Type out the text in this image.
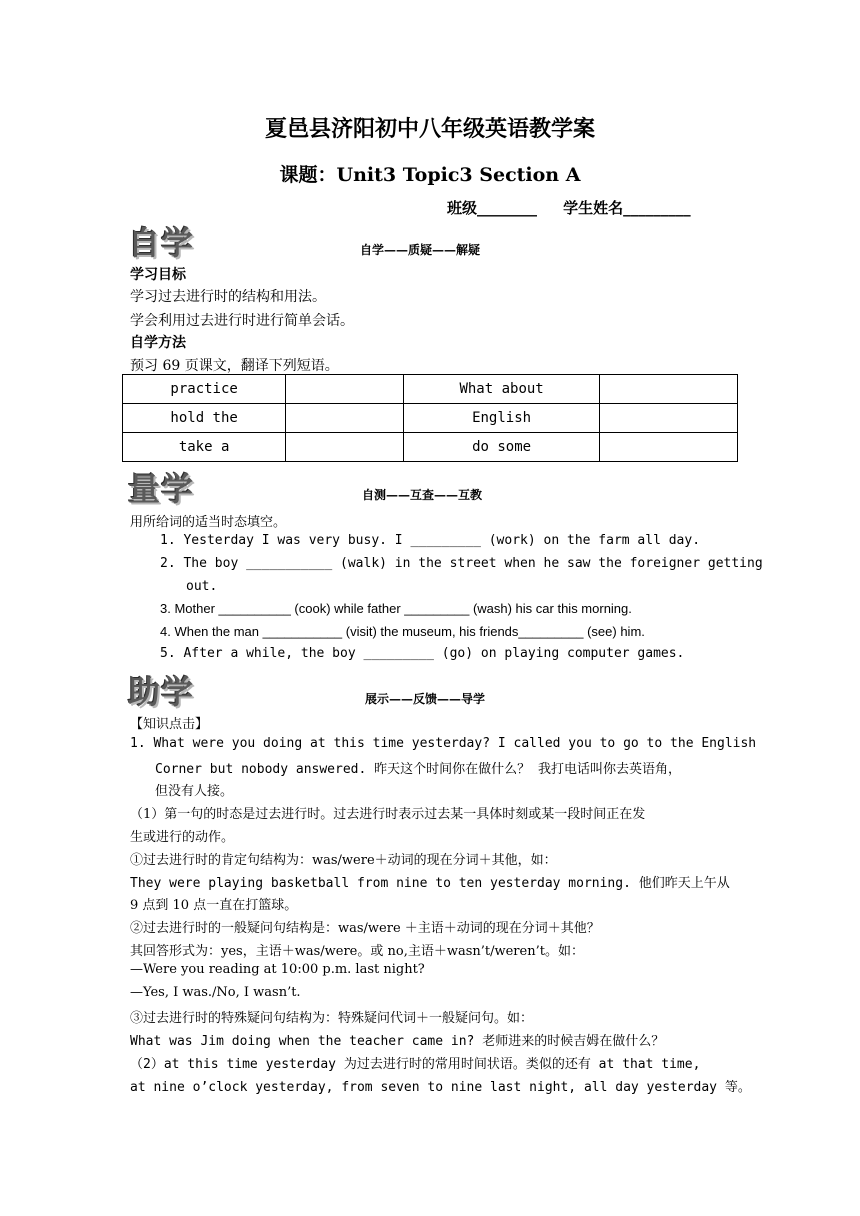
夏邑县济阳初中八年级英语教学案
课题：Unit3 Topic3 Section A
班级________ 学生姓名_________
自学	自学——质疑——解疑
学习目标
学习过去进行时的结构和用法。
学会利用过去进行时进行简单会话。
自学方法
预习 69 页课文，翻译下列短语。
practice		What about	
hold the		English	
take a		do some	
量学	自测——互查——互教
用所给词的适当时态填空。
1. Yesterday I was very busy. I _________ (work) on the farm all day.
2. The boy ___________ (walk) in the street when he saw the foreigner getting
out.
3. Mother __________ (cook) while father _________ (wash) his car this morning.
4. When the man ___________ (visit) the museum, his friends_________ (see) him.
5. After a while, the boy _________ (go) on playing computer games.
助学	展示——反馈——导学
【知识点击】
1. What were you doing at this time yesterday? I called you to go to the English
Corner but nobody answered. 昨天这个时间你在做什么？ 我打电话叫你去英语角，
但没有人接。
（1）第一句的时态是过去进行时。过去进行时表示过去某一具体时刻或某一段时间正在发
生或进行的动作。
①过去进行时的肯定句结构为：was/were＋动词的现在分词＋其他，如：
They were playing basketball from nine to ten yesterday morning. 他们昨天上午从
9 点到 10 点一直在打篮球。
②过去进行时的一般疑问句结构是：was/were ＋主语＋动词的现在分词＋其他？
其回答形式为：yes，主语＋was/were。或 no,主语＋wasn’t/weren’t。如：
—Were you reading at 10:00 p.m. last night?
—Yes, I was./No, I wasn’t.
③过去进行时的特殊疑问句结构为：特殊疑问代词＋一般疑问句。如：
What was Jim doing when the teacher came in? 老师进来的时候吉姆在做什么？
（2）at this time yesterday 为过去进行时的常用时间状语。类似的还有 at that time,
at nine o’clock yesterday, from seven to nine last night, all day yesterday 等。
